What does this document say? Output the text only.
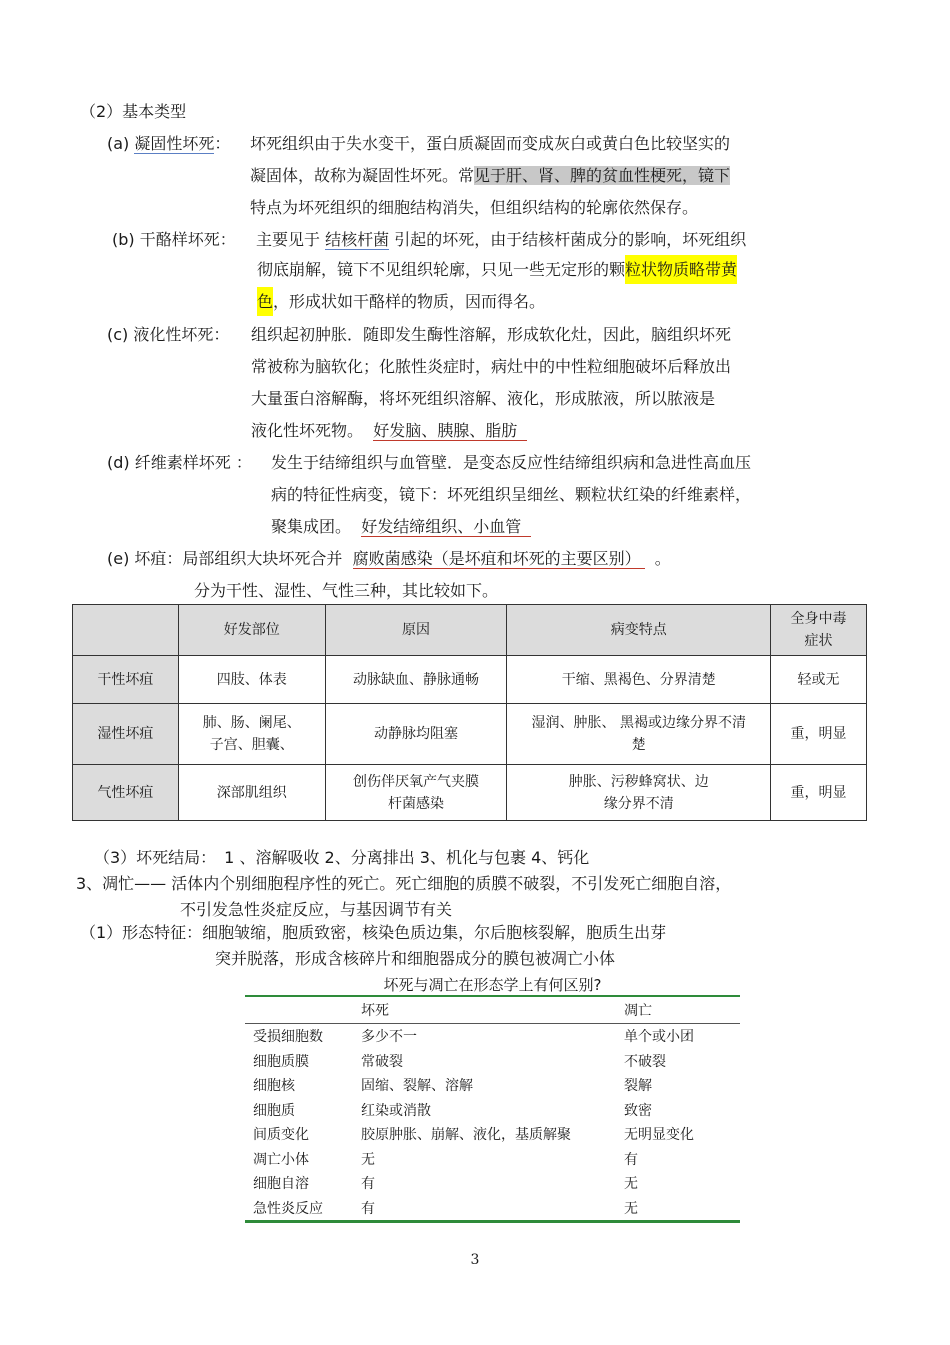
（2）基本类型
(a) 凝固性坏死： 坏死组织由于失水变干，蛋白质凝固而变成灰白或黄白色比较坚实的
凝固体，故称为凝固性坏死。常见于肝、肾、脾的贫血性梗死，镜下
特点为坏死组织的细胞结构消失，但组织结构的轮廓依然保存。
(b) 干酪样坏死： 主要见于 结核杆菌 引起的坏死，由于结核杆菌成分的影响，坏死组织
彻底崩解，镜下不见组织轮廓，只见一些无定形的颗粒状物质略带黄
色，形成状如干酪样的物质，因而得名。
(c) 液化性坏死： 组织起初肿胀．随即发生酶性溶解，形成软化灶，因此，脑组织坏死
常被称为脑软化；化脓性炎症时，病灶中的中性粒细胞破坏后释放出
大量蛋白溶解酶，将坏死组织溶解、液化，形成脓液，所以脓液是
液化性坏死物。 好发脑、胰腺、脂肪
(d) 纤维素样坏死 ： 发生于结缔组织与血管壁．是变态反应性结缔组织病和急进性高血压
病的特征性病变，镜下：坏死组织呈细丝、颗粒状红染的纤维素样，
聚集成团。 好发结缔组织、小血管
(e) 坏疽：局部组织大块坏死合并 腐败菌感染（是坏疽和坏死的主要区别） 。
分为干性、湿性、气性三种，其比较如下。
	好发部位	原因	病变特点	全身中毒症状
干性坏疽	四肢、体表	动脉缺血、静脉通畅	干缩、黑褐色、分界清楚	轻或无
湿性坏疽	肺、肠、阑尾、子宫、胆囊、	动静脉均阻塞	湿润、肿胀、 黑褐或边缘分界不清楚	重，明显
气性坏疽	深部肌组织	创伤伴厌氧产气夹膜杆菌感染	肿胀、污秽蜂窝状、边缘分界不清	重，明显
（3）坏死结局：　1 、溶解吸收 2、分离排出 3、机化与包裹 4、钙化
3、凋忙—— 活体内个别细胞程序性的死亡。死亡细胞的质膜不破裂，不引发死亡细胞自溶，
不引发急性炎症反应，与基因调节有关
（1）形态特征：细胞皱缩，胞质致密，核染色质边集，尔后胞核裂解，胞质生出芽
突并脱落，形成含核碎片和细胞器成分的膜包被凋亡小体
坏死与凋亡在形态学上有何区别?
	坏死	凋亡
受损细胞数	多少不一	单个或小团
细胞质膜	常破裂	不破裂
细胞核	固缩、裂解、溶解	裂解
细胞质	红染或消散	致密
间质变化	胶原肿胀、崩解、液化，基质解聚	无明显变化
凋亡小体	无	有
细胞自溶	有	无
急性炎反应	有	无
3
